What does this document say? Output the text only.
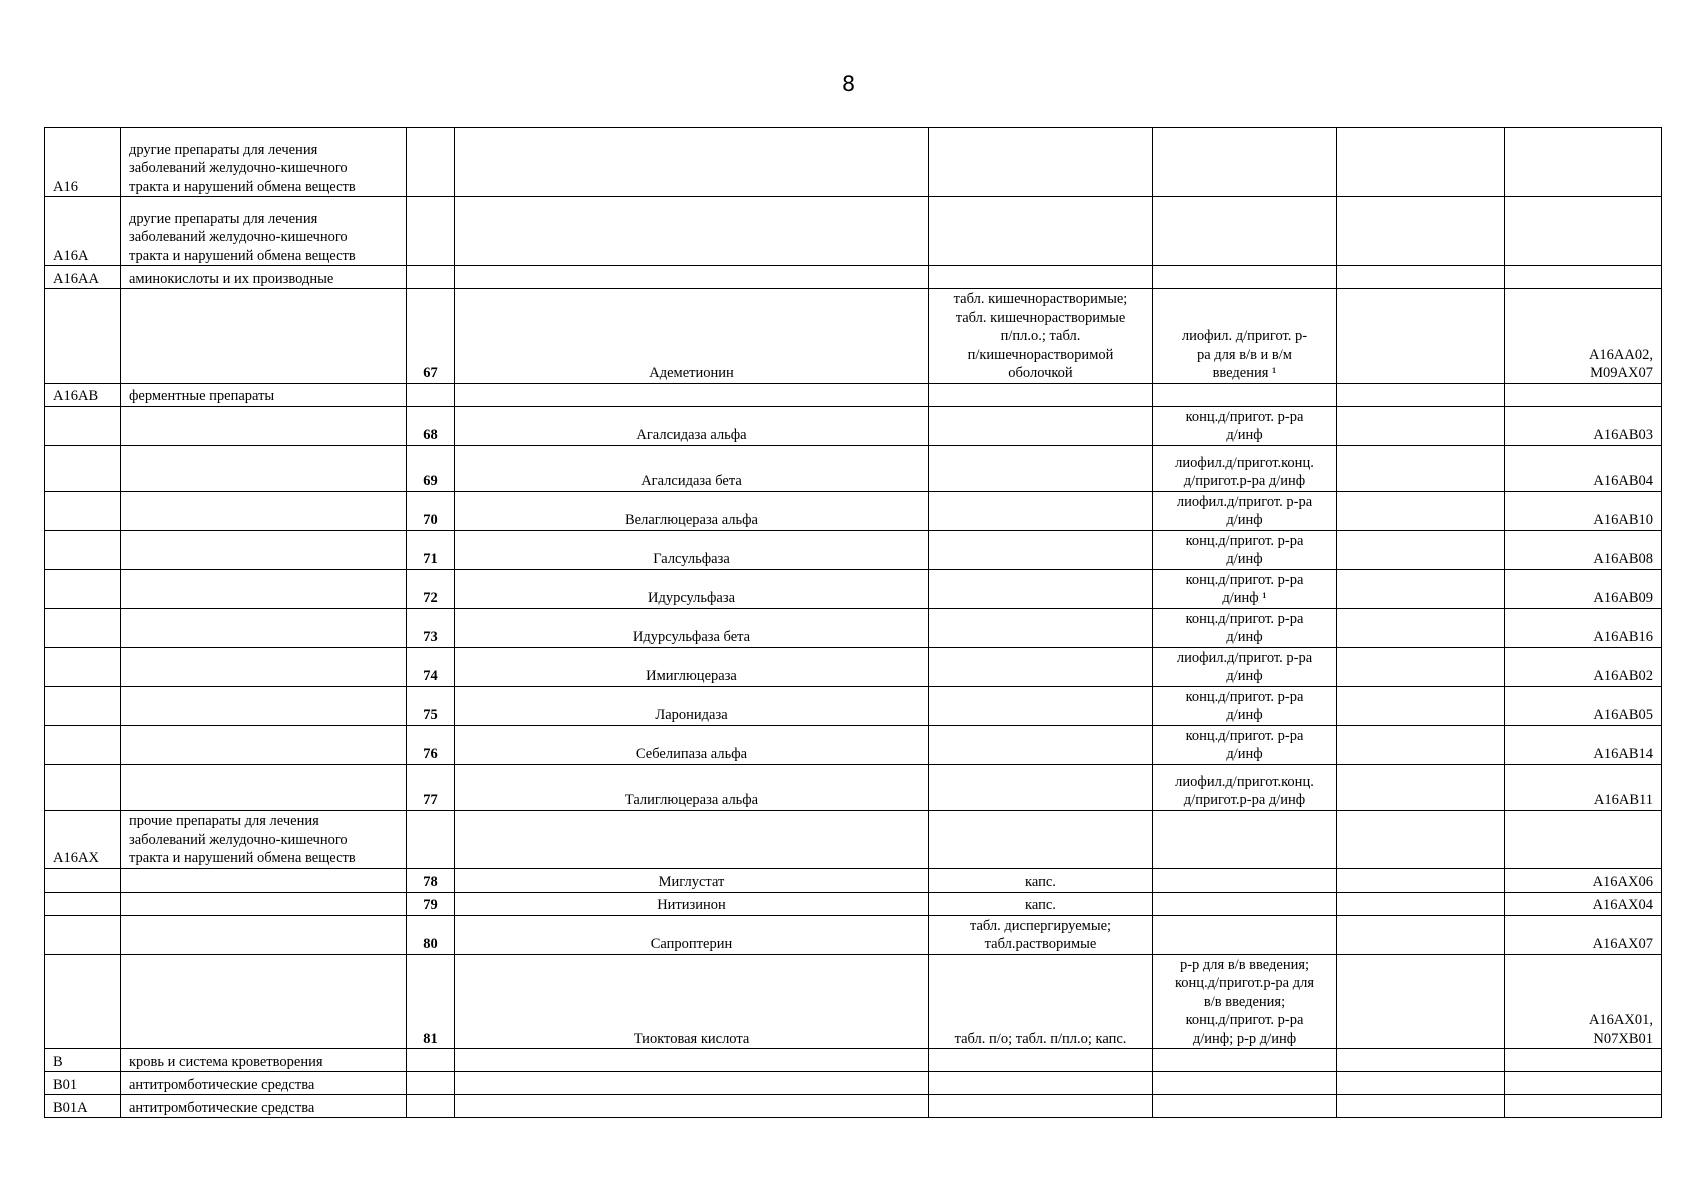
8
A16	другие препараты для лечения
заболеваний желудочно-кишечного
тракта и нарушений обмена веществ						

A16A	другие препараты для лечения
заболеваний желудочно-кишечного
тракта и нарушений обмена веществ						

A16AA	аминокислоты и их производные						

		67	Адеметионин	табл. кишечнорастворимые;
табл. кишечнорастворимые
п/пл.о.; табл.
п/кишечнорастворимой
оболочкой	лиофил. д/пригот. р-
ра для в/в и в/м
введения ¹		A16AA02,
M09AX07

A16AB	ферментные препараты						

		68	Агалсидаза альфа		конц.д/пригот. р-ра
д/инф		A16AB03

		69	Агалсидаза бета		лиофил.д/пригот.конц.
д/пригот.р-ра д/инф		A16AB04

		70	Велаглюцераза альфа		лиофил.д/пригот. р-ра
д/инф		A16AB10

		71	Галсульфаза		конц.д/пригот. р-ра
д/инф		A16AB08

		72	Идурсульфаза		конц.д/пригот. р-ра
д/инф ¹		A16AB09

		73	Идурсульфаза бета		конц.д/пригот. р-ра
д/инф		A16AB16

		74	Имиглюцераза		лиофил.д/пригот. р-ра
д/инф		A16AB02

		75	Ларонидаза		конц.д/пригот. р-ра
д/инф		A16AB05

		76	Себелипаза альфа		конц.д/пригот. р-ра
д/инф		A16AB14

		77	Талиглюцераза альфа		лиофил.д/пригот.конц.
д/пригот.р-ра д/инф		A16AB11

A16AX	прочие препараты для лечения
заболеваний желудочно-кишечного
тракта и нарушений обмена веществ						

		78	Миглустат	капс.			A16AX06

		79	Нитизинон	капс.			A16AX04

		80	Сапроптерин	табл. диспергируемые;
табл.растворимые			A16AX07

		81	Тиоктовая кислота	табл. п/о; табл. п/пл.о; капс.	р-р для в/в введения;
конц.д/пригот.р-ра для
в/в введения;
конц.д/пригот. р-ра
д/инф; р-р д/инф		A16AX01,
N07XB01

B	кровь и система кроветворения						

B01	антитромботические средства						

B01A	антитромботические средства						
